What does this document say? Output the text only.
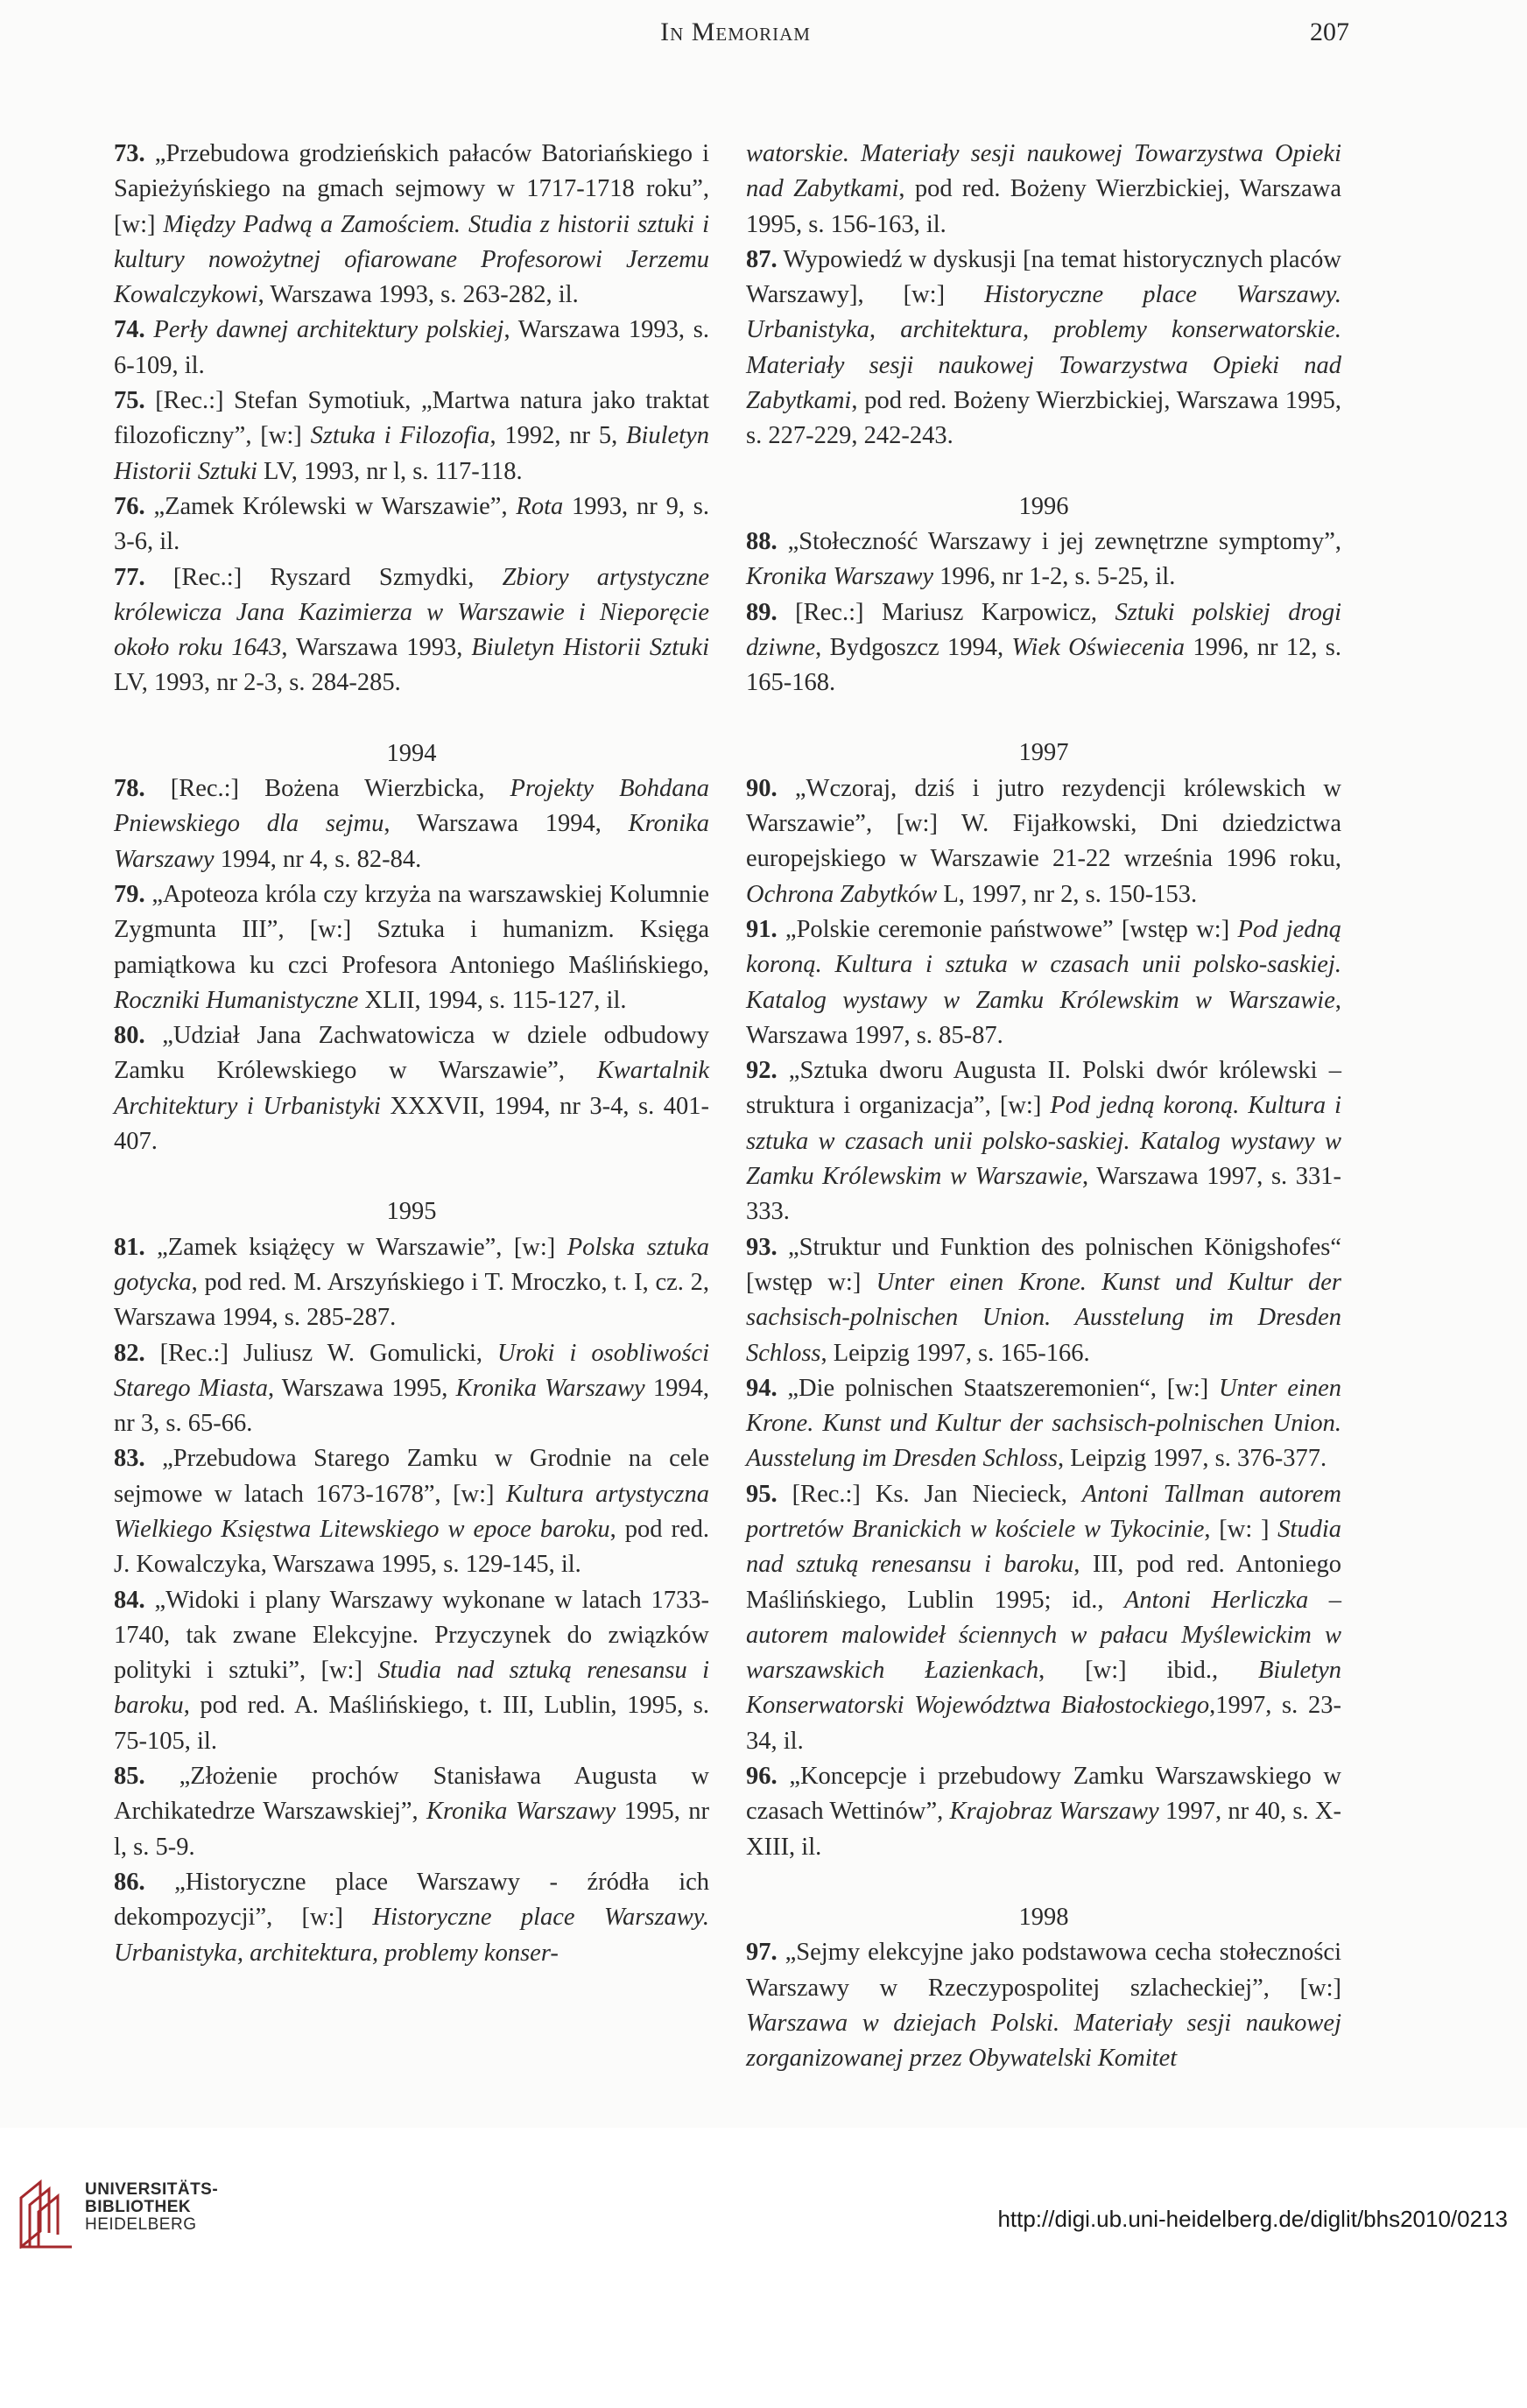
In Memoriam	207

73. „Przebudowa grodzieńskich pałaców Batoriańskiego i Sapieżyńskiego na gmach sejmowy w 1717-1718 roku”, [w:] Między Padwą a Zamościem. Studia z historii sztuki i kultury nowożytnej ofiarowane Profesorowi Jerzemu Kowalczykowi, Warszawa 1993, s. 263-282, il.

74. Perły dawnej architektury polskiej, Warszawa 1993, s. 6-109, il.

75. [Rec.:] Stefan Symotiuk, „Martwa natura jako traktat filozoficzny”, [w:] Sztuka i Filozofia, 1992, nr 5, Biuletyn Historii Sztuki LV, 1993, nr l, s. 117-118.

76. „Zamek Królewski w Warszawie”, Rota 1993, nr 9, s. 3-6, il.

77. [Rec.:] Ryszard Szmydki, Zbiory artystyczne królewicza Jana Kazimierza w Warszawie i Nieporęcie około roku 1643, Warszawa 1993, Biuletyn Historii Sztuki LV, 1993, nr 2-3, s. 284-285.

1994

78. [Rec.:] Bożena Wierzbicka, Projekty Bohdana Pniewskiego dla sejmu, Warszawa 1994, Kronika Warszawy 1994, nr 4, s. 82-84.

79. „Apoteoza króla czy krzyża na warszawskiej Kolumnie Zygmunta III”, [w:] Sztuka i humanizm. Księga pamiątkowa ku czci Profesora Antoniego Maślińskiego, Roczniki Humanistyczne XLII, 1994, s. 115-127, il.

80. „Udział Jana Zachwatowicza w dziele odbudowy Zamku Królewskiego w Warszawie”, Kwartalnik Architektury i Urbanistyki XXXVII, 1994, nr 3-4, s. 401-407.

1995

81. „Zamek książęcy w Warszawie”, [w:] Polska sztuka gotycka, pod red. M. Arszyńskiego i T. Mroczko, t. I, cz. 2, Warszawa 1994, s. 285-287.

82. [Rec.:] Juliusz W. Gomulicki, Uroki i osobliwości Starego Miasta, Warszawa 1995, Kronika Warszawy 1994, nr 3, s. 65-66.

83. „Przebudowa Starego Zamku w Grodnie na cele sejmowe w latach 1673-1678”, [w:] Kultura artystyczna Wielkiego Księstwa Litewskiego w epoce baroku, pod red. J. Kowalczyka, Warszawa 1995, s. 129-145, il.

84. „Widoki i plany Warszawy wykonane w latach 1733-1740, tak zwane Elekcyjne. Przyczynek do związków polityki i sztuki”, [w:] Studia nad sztuką renesansu i baroku, pod red. A. Maślińskiego, t. III, Lublin, 1995, s. 75-105, il.

85. „Złożenie prochów Stanisława Augusta w Archikatedrze Warszawskiej”, Kronika Warszawy 1995, nr l, s. 5-9.

86. „Historyczne place Warszawy - źródła ich dekompozycji”, [w:] Historyczne place Warszawy. Urbanistyka, architektura, problemy konser-

watorskie. Materiały sesji naukowej Towarzystwa Opieki nad Zabytkami, pod red. Bożeny Wierzbickiej, Warszawa 1995, s. 156-163, il.

87. Wypowiedź w dyskusji [na temat historycznych placów Warszawy], [w:] Historyczne place Warszawy. Urbanistyka, architektura, problemy konserwatorskie. Materiały sesji naukowej Towarzystwa Opieki nad Zabytkami, pod red. Bożeny Wierzbickiej, Warszawa 1995, s. 227-229, 242-243.

1996

88. „Stołeczność Warszawy i jej zewnętrzne symptomy”, Kronika Warszawy 1996, nr 1-2, s. 5-25, il.

89. [Rec.:] Mariusz Karpowicz, Sztuki polskiej drogi dziwne, Bydgoszcz 1994, Wiek Oświecenia 1996, nr 12, s. 165-168.

1997

90. „Wczoraj, dziś i jutro rezydencji królewskich w Warszawie”, [w:] W. Fijałkowski, Dni dziedzictwa europejskiego w Warszawie 21-22 września 1996 roku, Ochrona Zabytków L, 1997, nr 2, s. 150-153.

91. „Polskie ceremonie państwowe” [wstęp w:] Pod jedną koroną. Kultura i sztuka w czasach unii polsko-saskiej. Katalog wystawy w Zamku Królewskim w Warszawie, Warszawa 1997, s. 85-87.

92. „Sztuka dworu Augusta II. Polski dwór królewski – struktura i organizacja”, [w:] Pod jedną koroną. Kultura i sztuka w czasach unii polsko-saskiej. Katalog wystawy w Zamku Królewskim w Warszawie, Warszawa 1997, s. 331-333.

93. „Struktur und Funktion des polnischen Königshofes“ [wstęp w:] Unter einen Krone. Kunst und Kultur der sachsisch-polnischen Union. Ausstelung im Dresden Schloss, Leipzig 1997, s. 165-166.

94. „Die polnischen Staatszeremonien“, [w:] Unter einen Krone. Kunst und Kultur der sachsisch-polnischen Union. Ausstelung im Dresden Schloss, Leipzig 1997, s. 376-377.

95. [Rec.:] Ks. Jan Niecieck, Antoni Tallman autorem portretów Branickich w kościele w Tykocinie, [w: ] Studia nad sztuką renesansu i baroku, III, pod red. Antoniego Maślińskiego, Lublin 1995; id., Antoni Herliczka – autorem malowideł ściennych w pałacu Myślewickim w warszawskich Łazienkach, [w:] ibid., Biuletyn Konserwatorski Województwa Białostockiego,1997, s. 23-34, il.

96. „Koncepcje i przebudowy Zamku Warszawskiego w czasach Wettinów”, Krajobraz Warszawy 1997, nr 40, s. X-XIII, il.

1998

97. „Sejmy elekcyjne jako podstawowa cecha stołeczności Warszawy w Rzeczypospolitej szlacheckiej”, [w:] Warszawa w dziejach Polski. Materiały sesji naukowej zorganizowanej przez Obywatelski Komitet

UNIVERSITÄTS-
BIBLIOTHEK
HEIDELBERG	http://digi.ub.uni-heidelberg.de/diglit/bhs2010/0213
